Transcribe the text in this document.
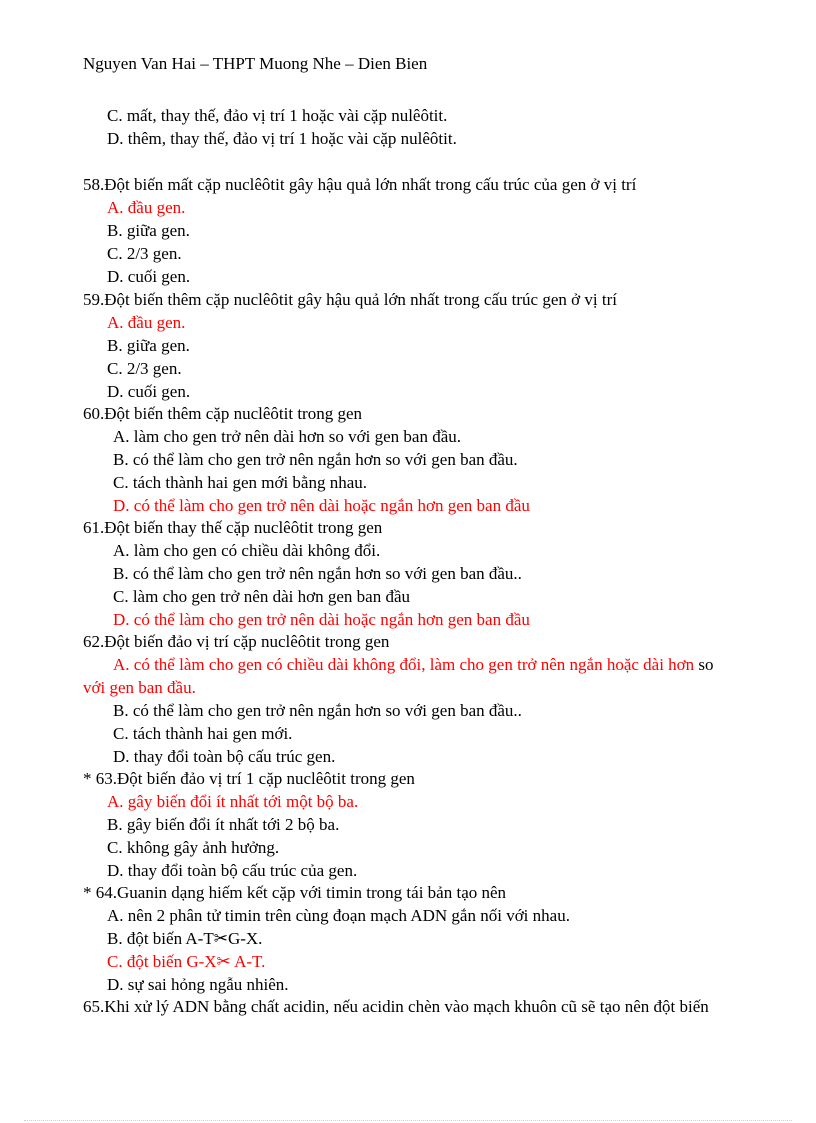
Nguyen Van Hai – THPT Muong Nhe – Dien Bien
C. mất, thay thế, đảo vị trí 1 hoặc vài cặp nulêôtit.
D. thêm, thay thế, đảo vị trí 1 hoặc vài cặp nulêôtit.
58.Đột biến mất cặp nuclêôtit gây hậu quả lớn nhất trong cấu trúc của gen ở vị trí
A. đầu gen.
B. giữa gen.
C. 2/3 gen.
D. cuối gen.
59.Đột biến thêm cặp nuclêôtit gây hậu quả lớn nhất trong cấu trúc gen ở vị trí
A. đầu gen.
B. giữa gen.
C. 2/3 gen.
D. cuối gen.
60.Đột biến thêm cặp nuclêôtit trong gen
A. làm cho gen trở nên dài hơn so với gen ban đầu.
B. có thể làm cho gen trở nên ngắn hơn so với gen ban đầu.
C. tách thành hai gen mới bằng nhau.
D. có thể làm cho gen trở nên dài hoặc ngắn hơn gen ban đầu
61.Đột biến thay thế cặp nuclêôtit trong gen
A. làm cho gen có chiều dài không đổi.
B. có thể làm cho gen trở nên ngắn hơn so với gen ban đầu..
C. làm cho gen trở nên dài hơn gen ban đầu
D. có thể làm cho gen trở nên dài hoặc ngắn hơn gen ban đầu
62.Đột biến đảo vị trí cặp nuclêôtit trong gen
A. có thể làm cho gen có chiều dài không đổi, làm cho gen trở nên ngắn hoặc dài hơn so
với gen ban đầu.
B. có thể làm cho gen trở nên ngắn hơn so với gen ban đầu..
C. tách thành hai gen mới.
D. thay đổi toàn bộ cấu trúc gen.
* 63.Đột biến đảo vị trí 1 cặp nuclêôtit trong gen
A. gây biến đổi ít nhất tới một bộ ba.
B. gây biến đổi ít nhất tới 2 bộ ba.
C. không gây ảnh hưởng.
D. thay đổi toàn bộ cấu trúc của gen.
* 64.Guanin dạng hiếm kết cặp với timin trong tái bản tạo nên
A. nên 2 phân tử timin trên cùng đoạn mạch ADN gắn nối với nhau.
B. đột biến A-T✂G-X.
C. đột biến G-X✂ A-T.
D. sự sai hỏng ngẫu nhiên.
65.Khi xử lý ADN bằng chất acidin, nếu acidin chèn vào mạch khuôn cũ sẽ tạo nên đột biến
